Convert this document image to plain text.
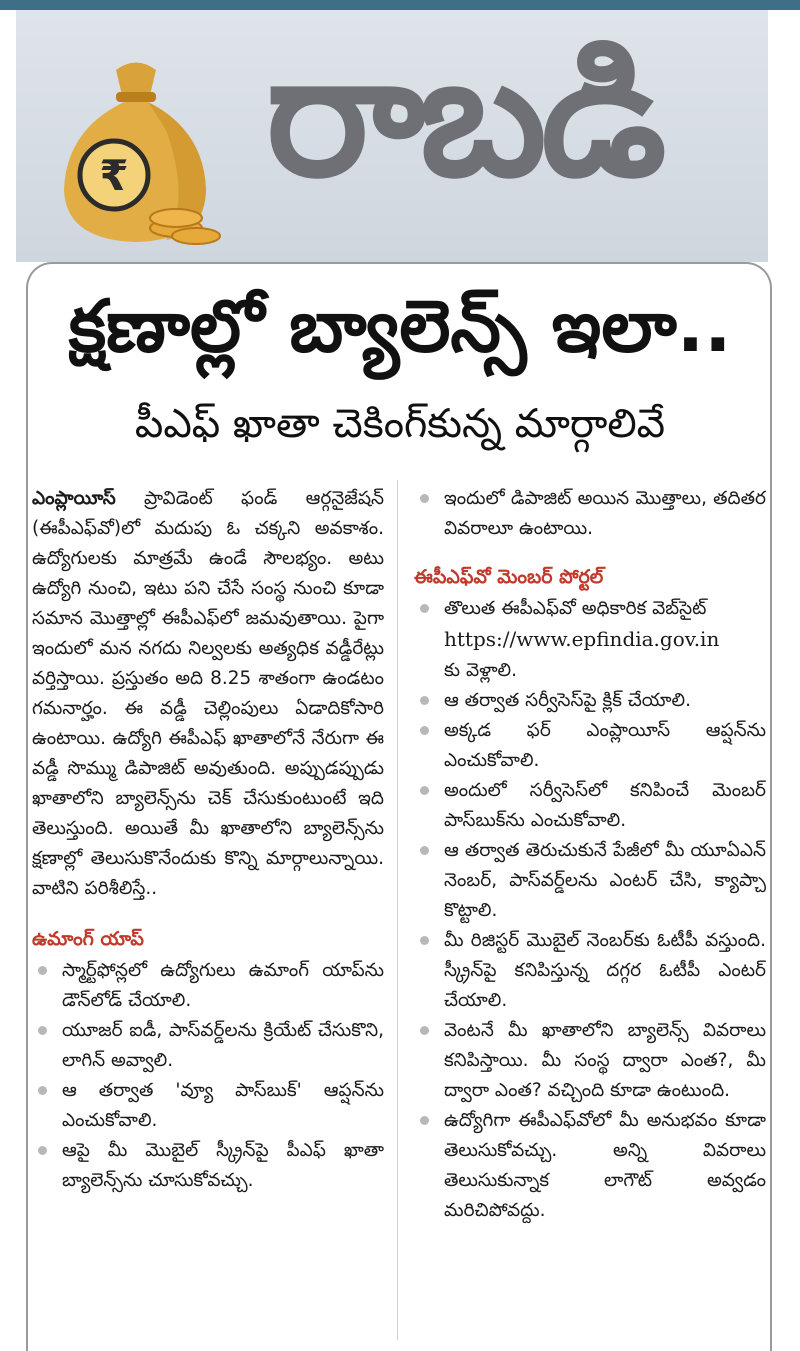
₹ రాబడి
క్షణాల్లో బ్యాలెన్స్ ఇలా..
పీఎఫ్ ఖాతా చెకింగ్‌కున్న మార్గాలివే

ఎంప్లాయీస్ ప్రావిడెంట్ ఫండ్ ఆర్గనైజేషన్ (ఈపీఎఫ్‌వో)లో మదుపు ఓ చక్కని అవకాశం. ఉద్యోగులకు మాత్రమే ఉండే సౌలభ్యం. అటు ఉద్యోగి నుంచి, ఇటు పని చేసే సంస్థ నుంచి కూడా సమాన మొత్తాల్లో ఈపీఎఫ్‌లో జమవుతాయి. పైగా ఇందులో మన నగదు నిల్వలకు అత్యధిక వడ్డీరేట్లు వర్తిస్తాయి. ప్రస్తుతం అది 8.25 శాతంగా ఉండటం గమనార్హం. ఈ వడ్డీ చెల్లింపులు ఏడాదికోసారి ఉంటాయి. ఉద్యోగి ఈపీఎఫ్ ఖాతాలోనే నేరుగా ఈ వడ్డీ సొమ్ము డిపాజిట్ అవుతుంది. అప్పుడప్పుడు ఖాతాలోని బ్యాలెన్స్‌ను చెక్ చేసుకుంటుంటే ఇది తెలుస్తుంది. అయితే మీ ఖాతాలోని బ్యాలెన్స్‌ను క్షణాల్లో తెలుసుకొనేందుకు కొన్ని మార్గాలున్నాయి. వాటిని పరిశీలిస్తే..

ఉమాంగ్ యాప్
స్మార్ట్‌ఫోన్లలో ఉద్యోగులు ఉమాంగ్ యాప్‌ను డౌన్‌లోడ్ చేయాలి.
యూజర్ ఐడీ, పాస్‌వర్డ్‌లను క్రియేట్ చేసుకొని, లాగిన్ అవ్వాలి.
ఆ తర్వాత 'వ్యూ పాస్‌బుక్' ఆప్షన్‌ను ఎంచుకోవాలి.
ఆపై మీ మొబైల్ స్క్రీన్‌పై పీఎఫ్ ఖాతా బ్యాలెన్స్‌ను చూసుకోవచ్చు.
ఇందులో డిపాజిట్ అయిన మొత్తాలు, తదితర వివరాలూ ఉంటాయి.
ఈపీఎఫ్‌వో మెంబర్ పోర్టల్
తొలుత ఈపీఎఫ్‌వో అధికారిక వెబ్‌సైట్
https://www.epfindia.gov.in
కు వెళ్లాలి.
ఆ తర్వాత సర్వీసెస్‌పై క్లిక్ చేయాలి.
అక్కడ ఫర్ ఎంప్లాయీస్ ఆప్షన్‌ను ఎంచుకోవాలి.
అందులో సర్వీసెస్‌లో కనిపించే మెంబర్ పాస్‌బుక్‌ను ఎంచుకోవాలి.
ఆ తర్వాత తెరుచుకునే పేజీలో మీ యూఏఎన్ నెంబర్, పాస్‌వర్డ్‌లను ఎంటర్ చేసి, క్యాప్చా కొట్టాలి.
మీ రిజిస్టర్ మొబైల్ నెంబర్‌కు ఓటీపీ వస్తుంది. స్క్రీన్‌పై కనిపిస్తున్న దగ్గర ఓటీపీ ఎంటర్ చేయాలి.
వెంటనే మీ ఖాతాలోని బ్యాలెన్స్ వివరాలు కనిపిస్తాయి. మీ సంస్థ ద్వారా ఎంత?, మీ ద్వారా ఎంత? వచ్చింది కూడా ఉంటుంది.
ఉద్యోగిగా ఈపీఎఫ్‌వోలో మీ అనుభవం కూడా తెలుసుకోవచ్చు. అన్ని వివరాలు తెలుసుకున్నాక లాగౌట్ అవ్వడం మరిచిపోవద్దు.
